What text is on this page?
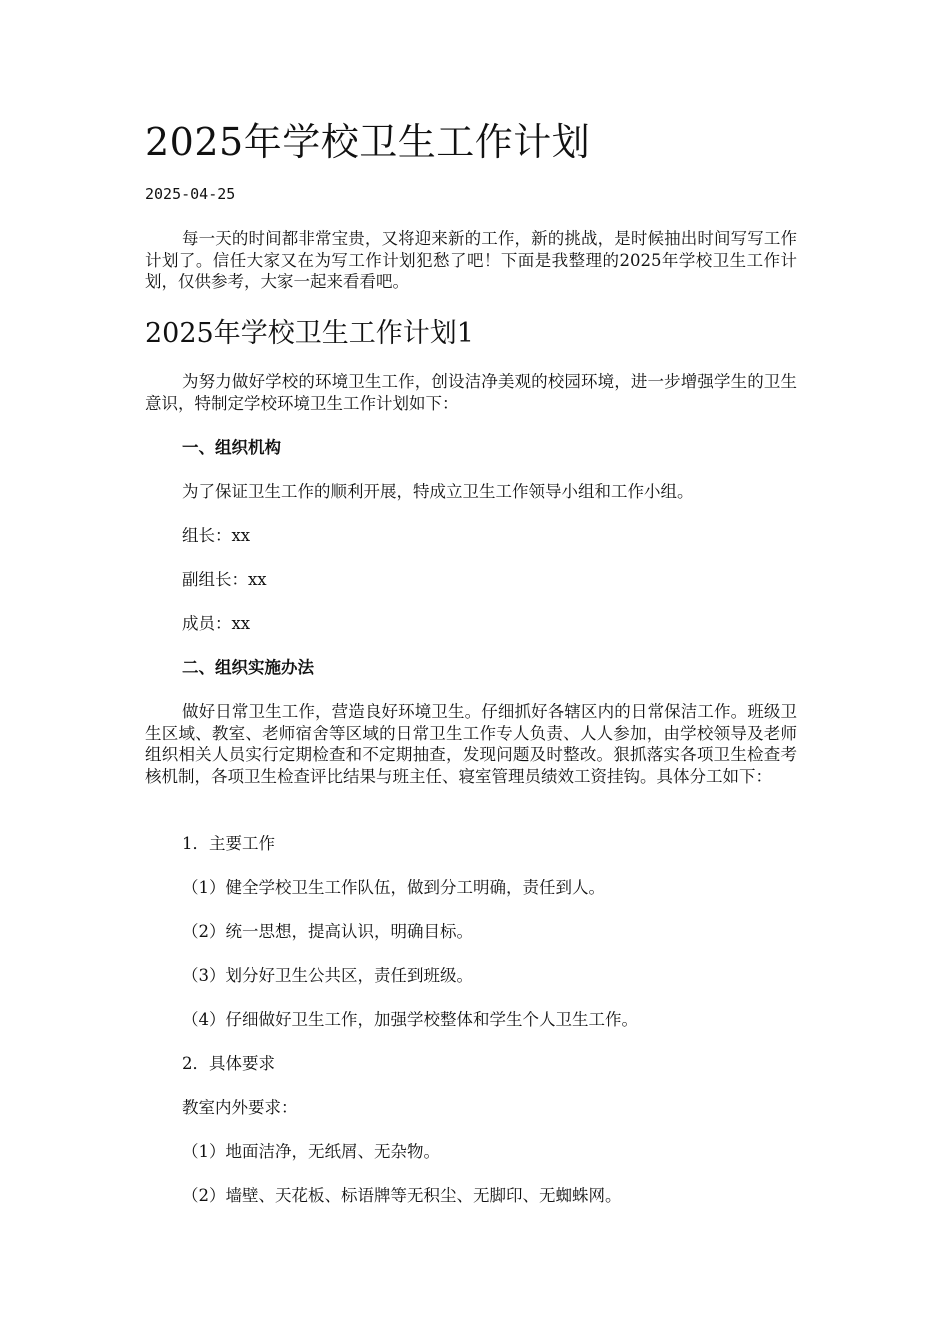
2025年学校卫生工作计划
2025-04-25

每一天的时间都非常宝贵，又将迎来新的工作，新的挑战，是时候抽出时间写写工作计划了。信任大家又在为写工作计划犯愁了吧！下面是我整理的2025年学校卫生工作计划，仅供参考，大家一起来看看吧。

2025年学校卫生工作计划1

为努力做好学校的环境卫生工作，创设洁净美观的校园环境，进一步增强学生的卫生意识，特制定学校环境卫生工作计划如下：

一、组织机构

为了保证卫生工作的顺利开展，特成立卫生工作领导小组和工作小组。

组长：xx

副组长：xx

成员：xx

二、组织实施办法

做好日常卫生工作，营造良好环境卫生。仔细抓好各辖区内的日常保洁工作。班级卫生区域、教室、老师宿舍等区域的日常卫生工作专人负责、人人参加，由学校领导及老师组织相关人员实行定期检查和不定期抽查，发现问题及时整改。狠抓落实各项卫生检查考核机制，各项卫生检查评比结果与班主任、寝室管理员绩效工资挂钩。具体分工如下：

1．主要工作

（1）健全学校卫生工作队伍，做到分工明确，责任到人。

（2）统一思想，提高认识，明确目标。

（3）划分好卫生公共区，责任到班级。

（4）仔细做好卫生工作，加强学校整体和学生个人卫生工作。

2．具体要求

教室内外要求：

（1）地面洁净，无纸屑、无杂物。

（2）墙壁、天花板、标语牌等无积尘、无脚印、无蜘蛛网。
